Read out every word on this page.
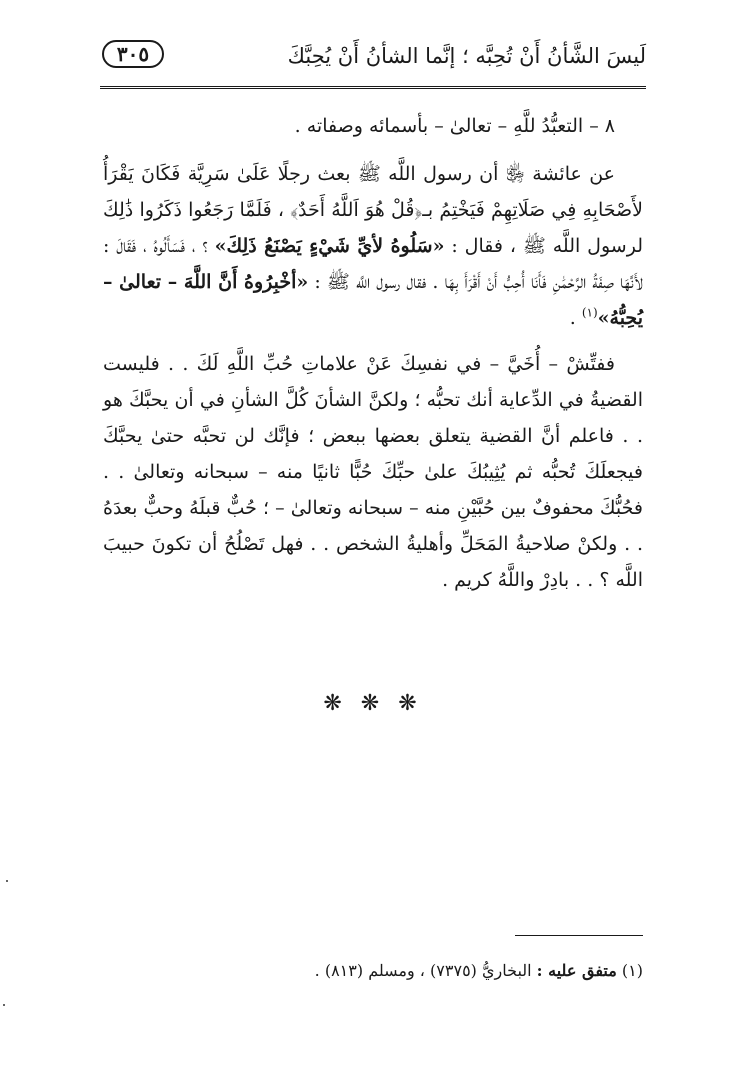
لَيسَ الشَّأنُ أَنْ تُحِبَّه ؛ إنَّما الشأنُ أَنْ يُحِبَّكَ
٣٠٥

٨ – التعبُّدُ للَّهِ – تعالىٰ – بأسمائه وصفاته .

عن عائشة ﵂ أن رسول اللَّه ﷺ بعث رجلًا عَلَىٰ سَرِيَّة فَكَانَ يَقْرَأُ لأَصْحَابِهِ فِي صَلَاتِهِمْ فَيَخْتِمُ بـ﴿قُلْ هُوَ اَللَّهُ أَحَدٌ﴾ ، فَلَمَّا رَجَعُوا ذَكَرُوا ذَٰلِكَ لرسول اللَّه ﷺ ، فقال : «سَلُوهُ لأيِّ شَيْءٍ يَصْنَعُ ذَلِكَ» ؟ ، فَسَأَلُوهُ ، فَقَالَ : لأَنَّهَا صِفَةُ الرَّحْمَٰنِ فَأَنَا أُحِبُّ أَنْ أَقْرَأَ بِهَا . فقال رسول اللَّه ﷺ : «أخْبِرُوهُ أَنَّ اللَّهَ – تعالىٰ – يُحِبُّهُ»$^{(١)}$ .

ففتِّشْ – أُخَيَّ – في نفسِكَ عَنْ علاماتِ حُبِّ اللَّهِ لَكَ . . فليست القضيةُ في الدِّعاية أنك تحبُّه ؛ ولكنَّ الشأنَ كُلَّ الشأنِ في أن يحبَّكَ هو . . فاعلم أنَّ القضية يتعلق بعضها ببعض ؛ فإنَّك لن تحبَّه حتىٰ يحبَّكَ فيجعلَكَ تُحبُّه ثم يُثِيبُكَ علىٰ حبِّكَ حُبًّا ثانيًا منه – سبحانه وتعالىٰ . . فحُبُّكَ محفوفٌ بين حُبَّيْنِ منه – سبحانه وتعالىٰ – ؛ حُبٌّ قبلَهُ وحبٌّ بعدَهُ . . ولكنْ صلاحيةُ المَحَلِّ وأهليةُ الشخص . . فهل تَصْلُحُ أن تكونَ حبيبَ اللَّه ؟ . . بادِرْ واللَّهُ كريم .

❋ ❋ ❋
(١) متفق عليه : البخاريُّ (٧٣٧٥) ، ومسلم (٨١٣) .
